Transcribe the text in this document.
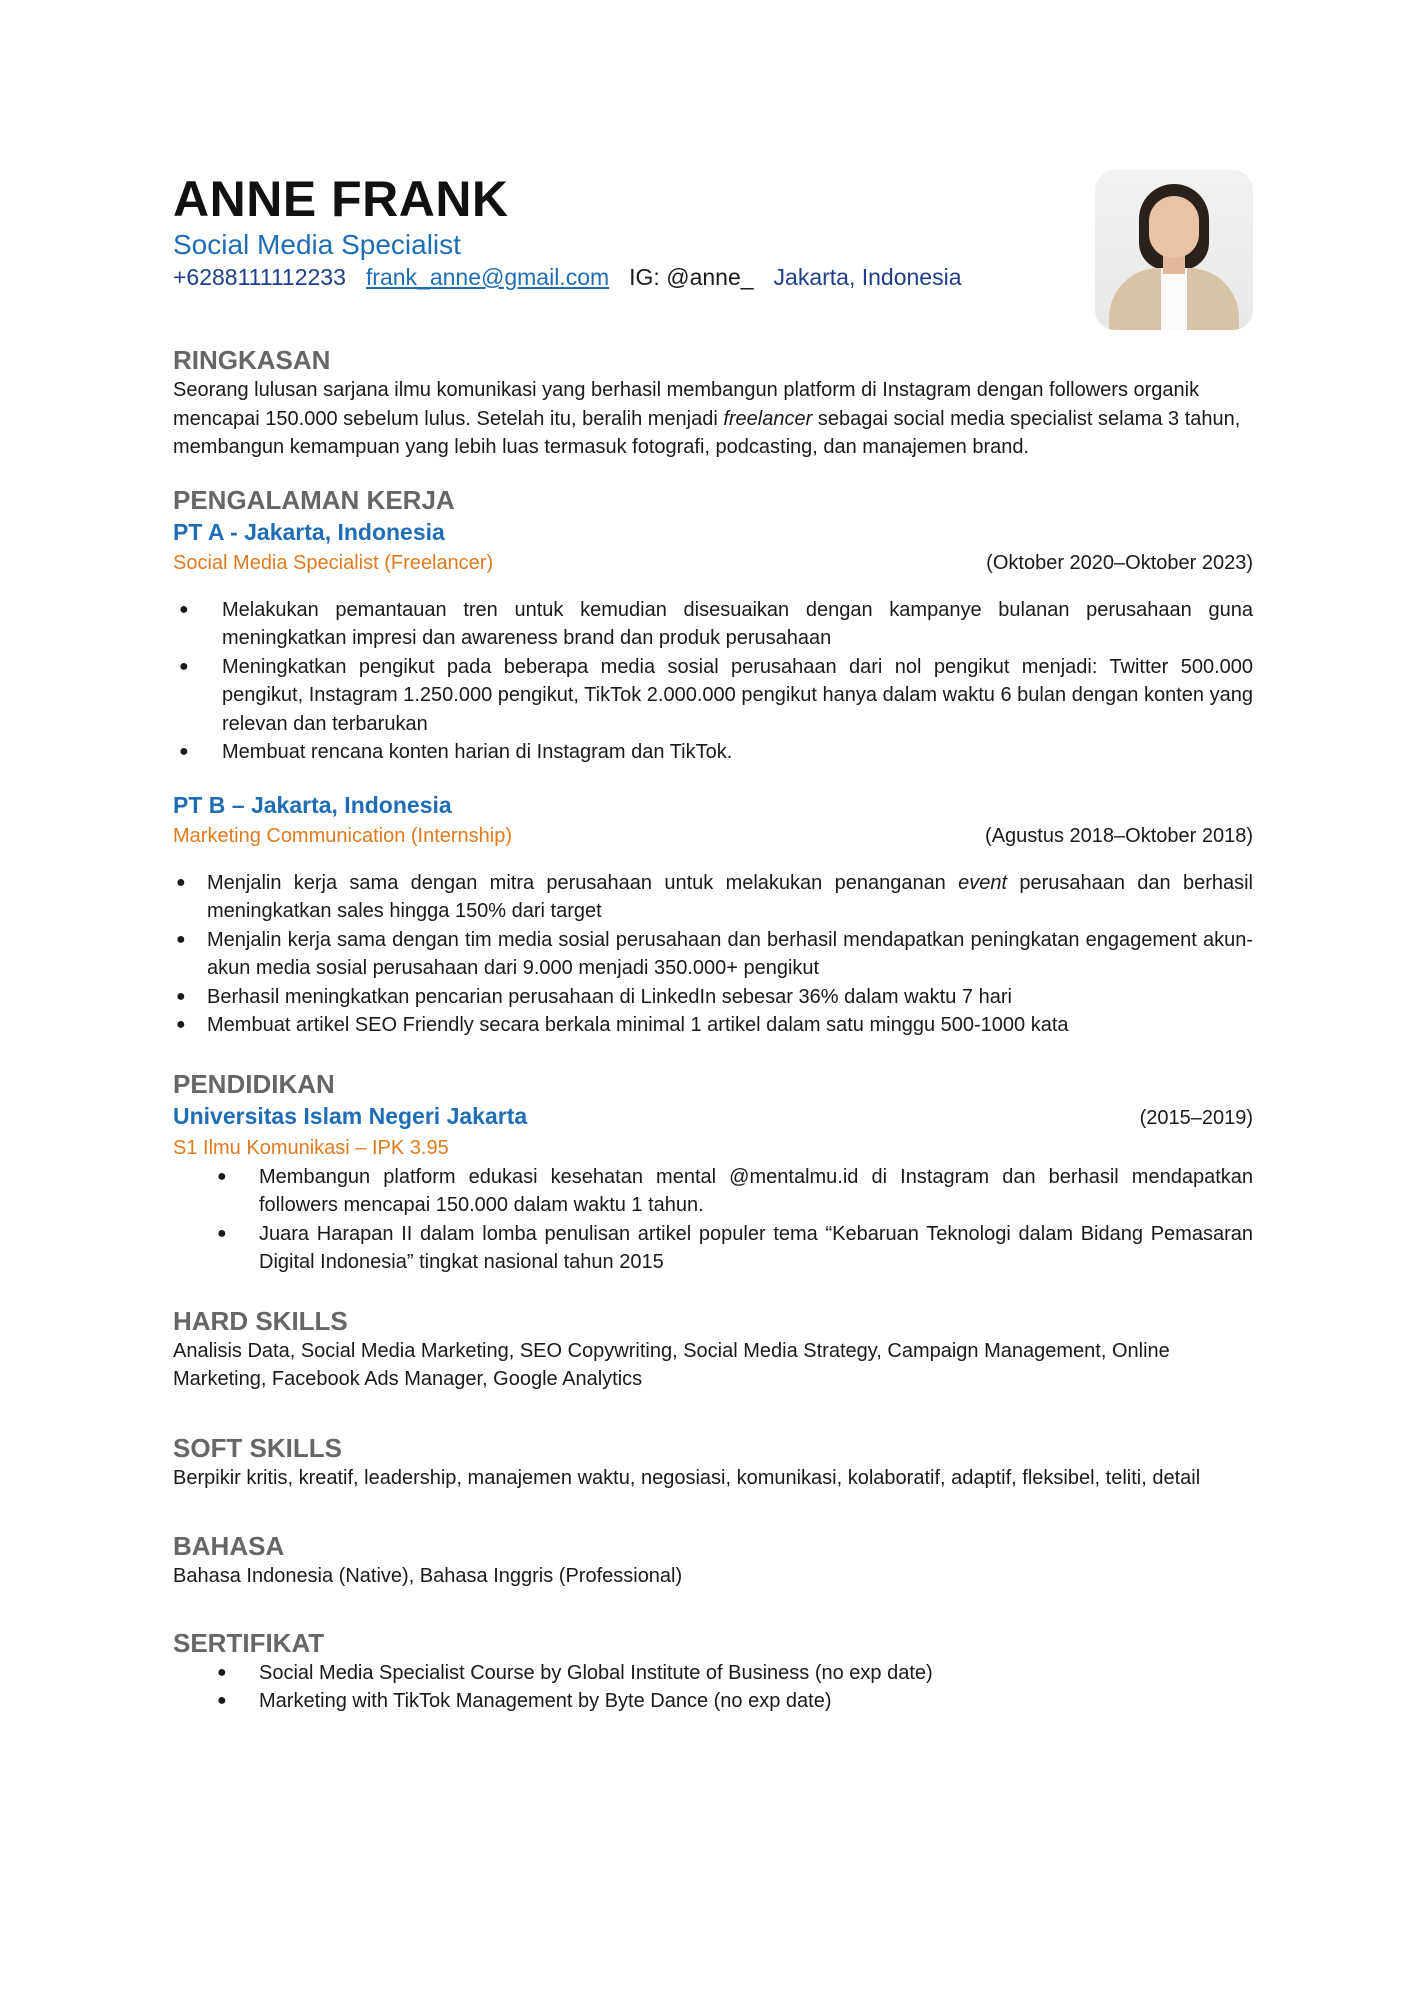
ANNE FRANK
Social Media Specialist
+6288111112233 frank_anne@gmail.com IG: @anne_ Jakarta, Indonesia
RINGKASAN
Seorang lulusan sarjana ilmu komunikasi yang berhasil membangun platform di Instagram dengan followers organik mencapai 150.000 sebelum lulus. Setelah itu, beralih menjadi freelancer sebagai social media specialist selama 3 tahun, membangun kemampuan yang lebih luas termasuk fotografi, podcasting, dan manajemen brand.
PENGALAMAN KERJA
PT A - Jakarta, Indonesia
Social Media Specialist (Freelancer)	(Oktober 2020–Oktober 2023)
● Melakukan pemantauan tren untuk kemudian disesuaikan dengan kampanye bulanan perusahaan guna meningkatkan impresi dan awareness brand dan produk perusahaan
● Meningkatkan pengikut pada beberapa media sosial perusahaan dari nol pengikut menjadi: Twitter 500.000 pengikut, Instagram 1.250.000 pengikut, TikTok 2.000.000 pengikut hanya dalam waktu 6 bulan dengan konten yang relevan dan terbarukan
● Membuat rencana konten harian di Instagram dan TikTok.
PT B – Jakarta, Indonesia
Marketing Communication (Internship)	(Agustus 2018–Oktober 2018)
● Menjalin kerja sama dengan mitra perusahaan untuk melakukan penanganan event perusahaan dan berhasil meningkatkan sales hingga 150% dari target
● Menjalin kerja sama dengan tim media sosial perusahaan dan berhasil mendapatkan peningkatan engagement akun-akun media sosial perusahaan dari 9.000 menjadi 350.000+ pengikut
● Berhasil meningkatkan pencarian perusahaan di LinkedIn sebesar 36% dalam waktu 7 hari
● Membuat artikel SEO Friendly secara berkala minimal 1 artikel dalam satu minggu 500-1000 kata
PENDIDIKAN
Universitas Islam Negeri Jakarta	(2015–2019)
S1 Ilmu Komunikasi – IPK 3.95
● Membangun platform edukasi kesehatan mental @mentalmu.id di Instagram dan berhasil mendapatkan followers mencapai 150.000 dalam waktu 1 tahun.
● Juara Harapan II dalam lomba penulisan artikel populer tema “Kebaruan Teknologi dalam Bidang Pemasaran Digital Indonesia” tingkat nasional tahun 2015
HARD SKILLS
Analisis Data, Social Media Marketing, SEO Copywriting, Social Media Strategy, Campaign Management, Online Marketing, Facebook Ads Manager, Google Analytics
SOFT SKILLS
Berpikir kritis, kreatif, leadership, manajemen waktu, negosiasi, komunikasi, kolaboratif, adaptif, fleksibel, teliti, detail
BAHASA
Bahasa Indonesia (Native), Bahasa Inggris (Professional)
SERTIFIKAT
● Social Media Specialist Course by Global Institute of Business (no exp date)
● Marketing with TikTok Management by Byte Dance (no exp date)
